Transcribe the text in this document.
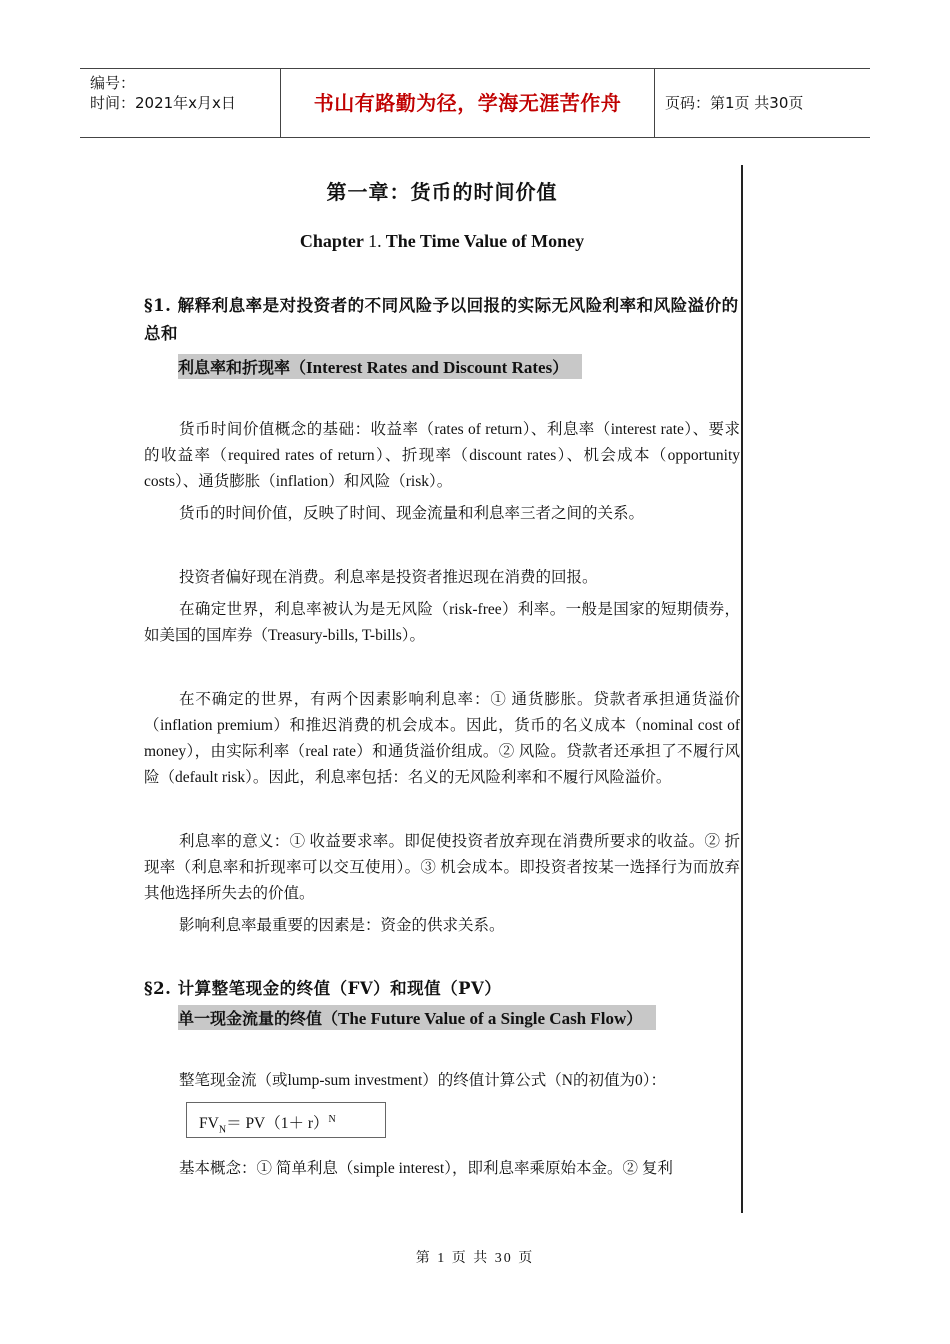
编号：
时间：2021年x月x日	书山有路勤为径，学海无涯苦作舟	页码：第1页 共30页
第一章：货币的时间价值
Chapter 1. The Time Value of Money
§1. 解释利息率是对投资者的不同风险予以回报的实际无风险利率和风险溢价的总和
利息率和折现率（Interest Rates and Discount Rates）

货币时间价值概念的基础：收益率（rates of return）、利息率（interest rate）、要求的收益率（required rates of return）、折现率（discount rates）、机会成本（opportunity costs）、通货膨胀（inflation）和风险（risk）。

货币的时间价值，反映了时间、现金流量和利息率三者之间的关系。

投资者偏好现在消费。利息率是投资者推迟现在消费的回报。

在确定世界，利息率被认为是无风险（risk-free）利率。一般是国家的短期债券，如美国的国库券（Treasury-bills, T-bills）。

在不确定的世界，有两个因素影响利息率：① 通货膨胀。贷款者承担通货溢价（inflation premium）和推迟消费的机会成本。因此，货币的名义成本（nominal cost of money），由实际利率（real rate）和通货溢价组成。② 风险。贷款者还承担了不履行风险（default risk）。因此，利息率包括：名义的无风险利率和不履行风险溢价。

利息率的意义：① 收益要求率。即促使投资者放弃现在消费所要求的收益。② 折现率（利息率和折现率可以交互使用）。③ 机会成本。即投资者按某一选择行为而放弃其他选择所失去的价值。

影响利息率最重要的因素是：资金的供求关系。

§2. 计算整笔现金的终值（FV）和现值（PV）
单一现金流量的终值（The Future Value of a Single Cash Flow）

整笔现金流（或lump-sum investment）的终值计算公式（N的初值为0）：

$FV_N= PV(1+ r)^N$

基本概念：① 简单利息（simple interest），即利息率乘原始本金。② 复利

第 1 页 共 30 页
